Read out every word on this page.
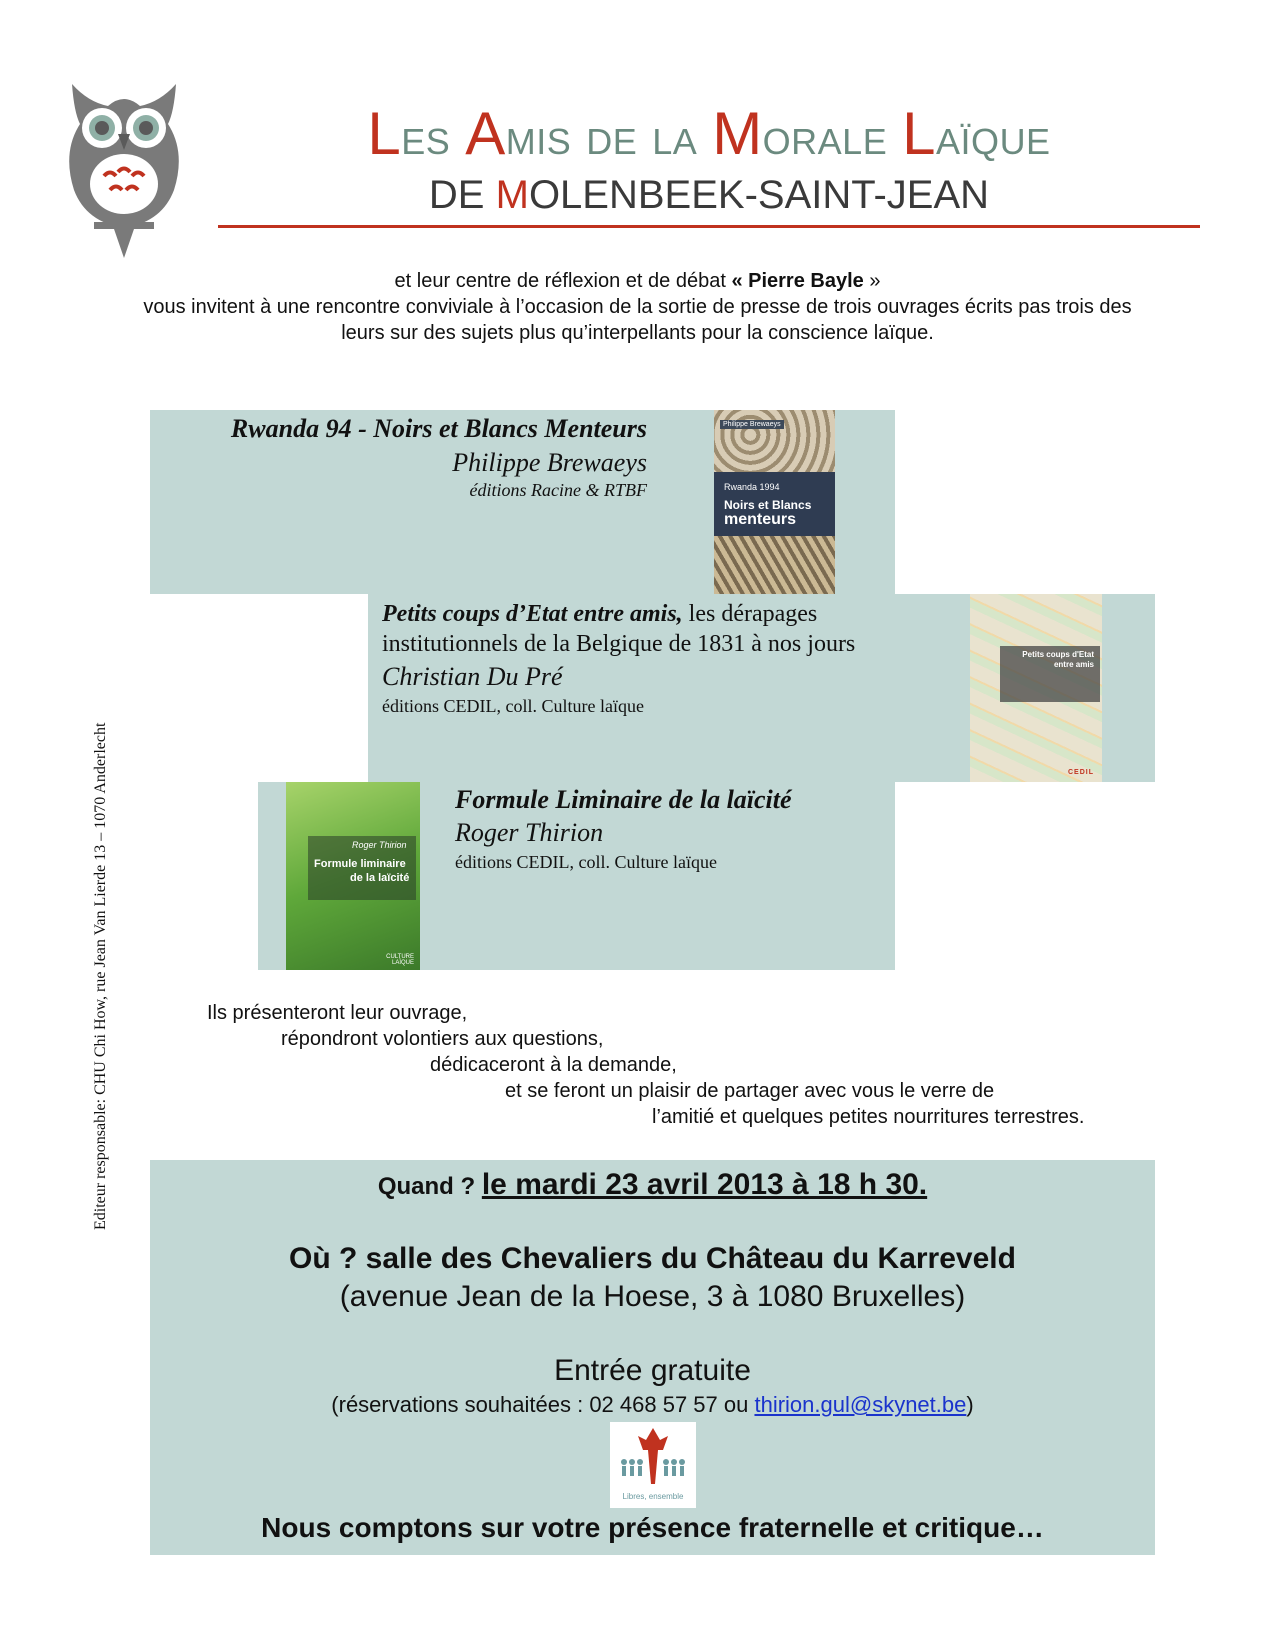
Les Amis de la Morale Laïque
DE MOLENBEEK-SAINT-JEAN
et leur centre de réflexion et de débat « Pierre Bayle »
vous invitent à une rencontre conviviale à l’occasion de la sortie de presse de trois ouvrages écrits pas trois des
leurs sur des sujets plus qu’interpellants pour la conscience laïque.
Rwanda 94 - Noirs et Blancs Menteurs
Philippe Brewaeys
éditions Racine & RTBF
Philippe Brewaeys
Rwanda 1994
Noirs et Blancs
menteurs
Petits coups d’Etat entre amis, les dérapages
institutionnels de la Belgique de 1831 à nos jours
Christian Du Pré
éditions CEDIL, coll. Culture laïque
Petits coups d'Etat
entre amis
CEDIL
Formule Liminaire de la laïcité
Roger Thirion
éditions CEDIL, coll. Culture laïque
Roger Thirion
Formule liminaire
de la laïcité
CULTURE LAÏQUE
Editeur responsable: CHU Chi How, rue Jean Van Lierde 13 – 1070 Anderlecht	Ils présenteront leur ouvrage,
répondront volontiers aux questions,
dédicaceront à la demande,
et se feront un plaisir de partager avec vous le verre de
l’amitié et quelques petites nourritures terrestres.
Quand ? le mardi 23 avril 2013 à 18 h 30.
Où ? salle des Chevaliers du Château du Karreveld
(avenue Jean de la Hoese, 3 à 1080 Bruxelles)
Entrée gratuite
(réservations souhaitées : 02 468 57 57 ou thirion.gul@skynet.be)
Libres, ensemble
Nous comptons sur votre présence fraternelle et critique…
